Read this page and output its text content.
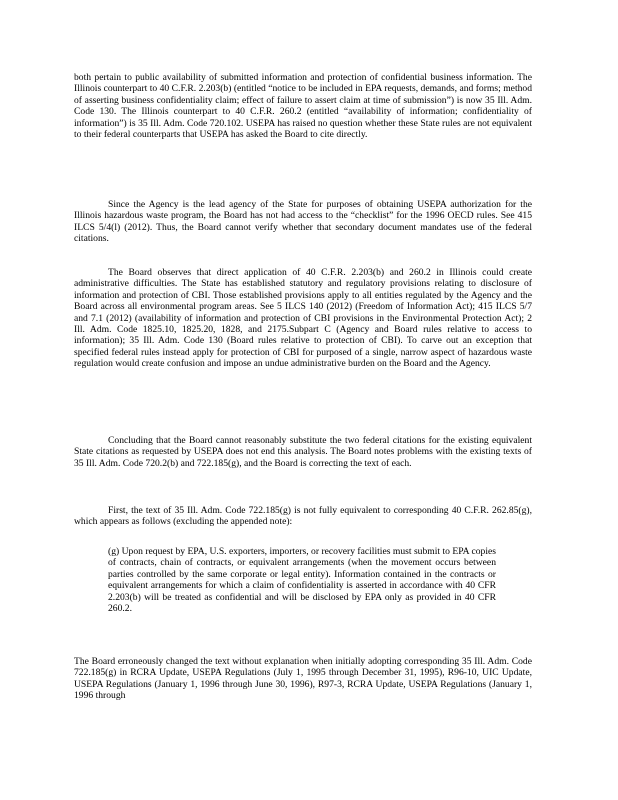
both pertain to public availability of submitted information and protection of confidential business information. The Illinois counterpart to 40 C.F.R. 2.203(b) (entitled “notice to be included in EPA requests, demands, and forms; method of asserting business confidentiality claim; effect of failure to assert claim at time of submission”) is now 35 Ill. Adm. Code 130. The Illinois counterpart to 40 C.F.R. 260.2 (entitled “availability of information; confidentiality of information”) is 35 Ill. Adm. Code 720.102. USEPA has raised no question whether these State rules are not equivalent to their federal counterparts that USEPA has asked the Board to cite directly.

Since the Agency is the lead agency of the State for purposes of obtaining USEPA authorization for the Illinois hazardous waste program, the Board has not had access to the “checklist” for the 1996 OECD rules. See 415 ILCS 5/4(l) (2012). Thus, the Board cannot verify whether that secondary document mandates use of the federal citations.

The Board observes that direct application of 40 C.F.R. 2.203(b) and 260.2 in Illinois could create administrative difficulties. The State has established statutory and regulatory provisions relating to disclosure of information and protection of CBI. Those established provisions apply to all entities regulated by the Agency and the Board across all environmental program areas. See 5 ILCS 140 (2012) (Freedom of Information Act); 415 ILCS 5/7 and 7.1 (2012) (availability of information and protection of CBI provisions in the Environmental Protection Act); 2 Ill. Adm. Code 1825.10, 1825.20, 1828, and 2175.Subpart C (Agency and Board rules relative to access to information); 35 Ill. Adm. Code 130 (Board rules relative to protection of CBI). To carve out an exception that specified federal rules instead apply for protection of CBI for purposed of a single, narrow aspect of hazardous waste regulation would create confusion and impose an undue administrative burden on the Board and the Agency.

Concluding that the Board cannot reasonably substitute the two federal citations for the existing equivalent State citations as requested by USEPA does not end this analysis. The Board notes problems with the existing texts of 35 Ill. Adm. Code 720.2(b) and 722.185(g), and the Board is correcting the text of each.

First, the text of 35 Ill. Adm. Code 722.185(g) is not fully equivalent to corresponding 40 C.F.R. 262.85(g), which appears as follows (excluding the appended note):

(g) Upon request by EPA, U.S. exporters, importers, or recovery facilities must submit to EPA copies of contracts, chain of contracts, or equivalent arrangements (when the movement occurs between parties controlled by the same corporate or legal entity). Information contained in the contracts or equivalent arrangements for which a claim of confidentiality is asserted in accordance with 40 CFR 2.203(b) will be treated as confidential and will be disclosed by EPA only as provided in 40 CFR 260.2.

The Board erroneously changed the text without explanation when initially adopting corresponding 35 Ill. Adm. Code 722.185(g) in RCRA Update, USEPA Regulations (July 1, 1995 through December 31, 1995), R96-10, UIC Update, USEPA Regulations (January 1, 1996 through June 30, 1996), R97-3, RCRA Update, USEPA Regulations (January 1, 1996 through
